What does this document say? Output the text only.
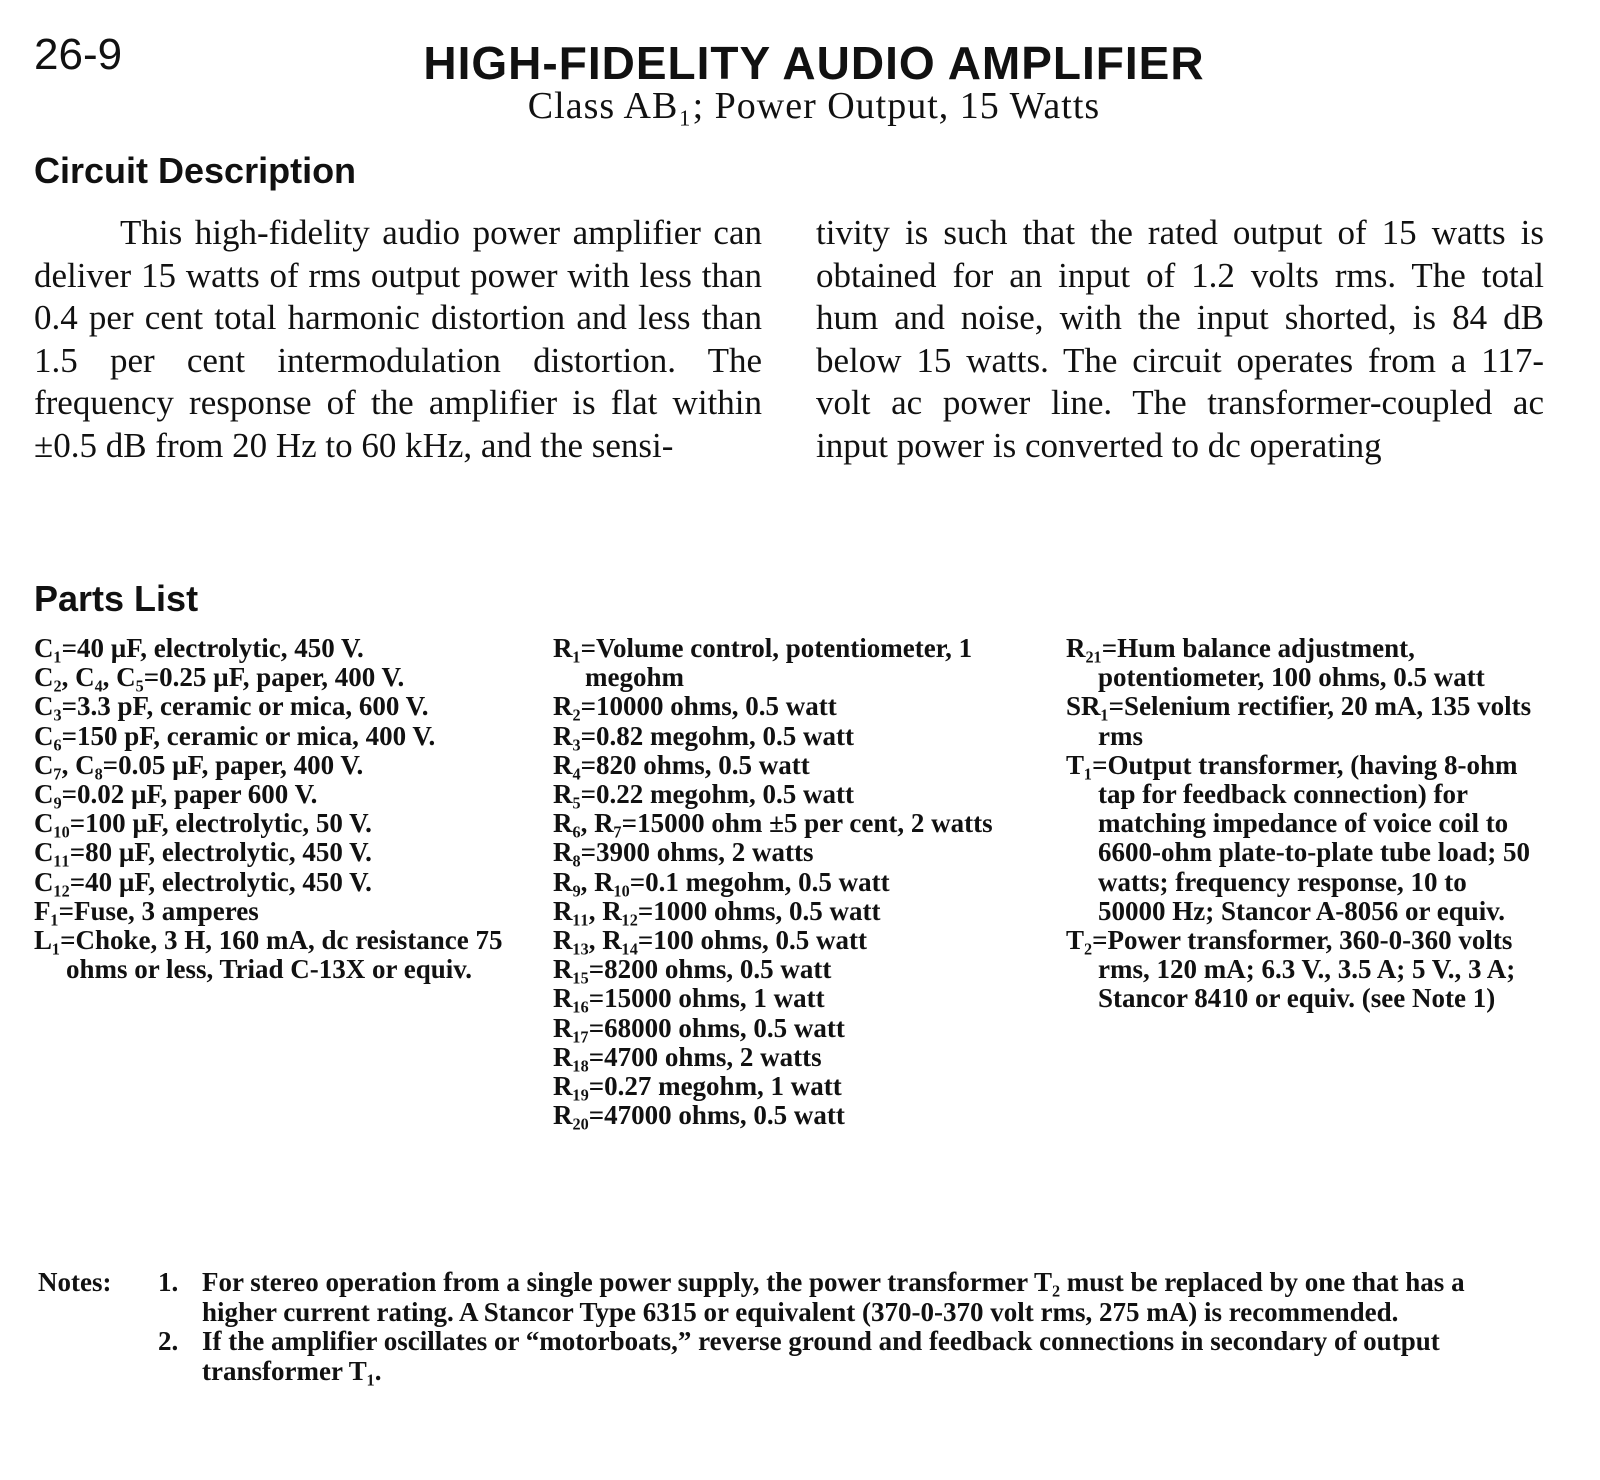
26-9	HIGH-FIDELITY AUDIO AMPLIFIER
Class AB₁; Power Output, 15 Watts
Circuit Description

This high-fidelity audio power amplifier can deliver 15 watts of rms output power with less than 0.4 per cent total harmonic distortion and less than 1.5 per cent intermodulation distortion. The frequency response of the amplifier is flat within ±0.5 dB from 20 Hz to 60 kHz, and the sensi-

tivity is such that the rated output of 15 watts is obtained for an input of 1.2 volts rms. The total hum and noise, with the input shorted, is 84 dB below 15 watts. The circuit operates from a 117-volt ac power line. The transformer-coupled ac input power is converted to dc operating

Parts List
C₁=40 µF, electrolytic, 450 V.
C₂, C₄, C₅=0.25 µF, paper, 400 V.
C₃=3.3 pF, ceramic or mica, 600 V.
C₆=150 pF, ceramic or mica, 400 V.
C₇, C₈=0.05 µF, paper, 400 V.
C₉=0.02 µF, paper 600 V.
C₁₀=100 µF, electrolytic, 50 V.
C₁₁=80 µF, electrolytic, 450 V.
C₁₂=40 µF, electrolytic, 450 V.
F₁=Fuse, 3 amperes
L₁=Choke, 3 H, 160 mA, dc resistance 75 ohms or less, Triad C-13X or equiv.
R₁=Volume control, potentiometer, 1 megohm
R₂=10000 ohms, 0.5 watt
R₃=0.82 megohm, 0.5 watt
R₄=820 ohms, 0.5 watt
R₅=0.22 megohm, 0.5 watt
R₆, R₇=15000 ohm ±5 per cent, 2 watts
R₈=3900 ohms, 2 watts
R₉, R₁₀=0.1 megohm, 0.5 watt
R₁₁, R₁₂=1000 ohms, 0.5 watt
R₁₃, R₁₄=100 ohms, 0.5 watt
R₁₅=8200 ohms, 0.5 watt
R₁₆=15000 ohms, 1 watt
R₁₇=68000 ohms, 0.5 watt
R₁₈=4700 ohms, 2 watts
R₁₉=0.27 megohm, 1 watt
R₂₀=47000 ohms, 0.5 watt
R₂₁=Hum balance adjustment, potentiometer, 100 ohms, 0.5 watt
SR₁=Selenium rectifier, 20 mA, 135 volts rms
T₁=Output transformer, (having 8-ohm tap for feedback connection) for matching impedance of voice coil to 6600-ohm plate-to-plate tube load; 50 watts; frequency response, 10 to 50000 Hz; Stancor A-8056 or equiv.
T₂=Power transformer, 360-0-360 volts rms, 120 mA; 6.3 V., 3.5 A; 5 V., 3 A; Stancor 8410 or equiv. (see Note 1)
Notes: 1. For stereo operation from a single power supply, the power transformer T₂ must be replaced by one that has a higher current rating. A Stancor Type 6315 or equivalent (370-0-370 volt rms, 275 mA) is recommended.
2. If the amplifier oscillates or “motorboats,” reverse ground and feedback connections in secondary of output transformer T₁.
